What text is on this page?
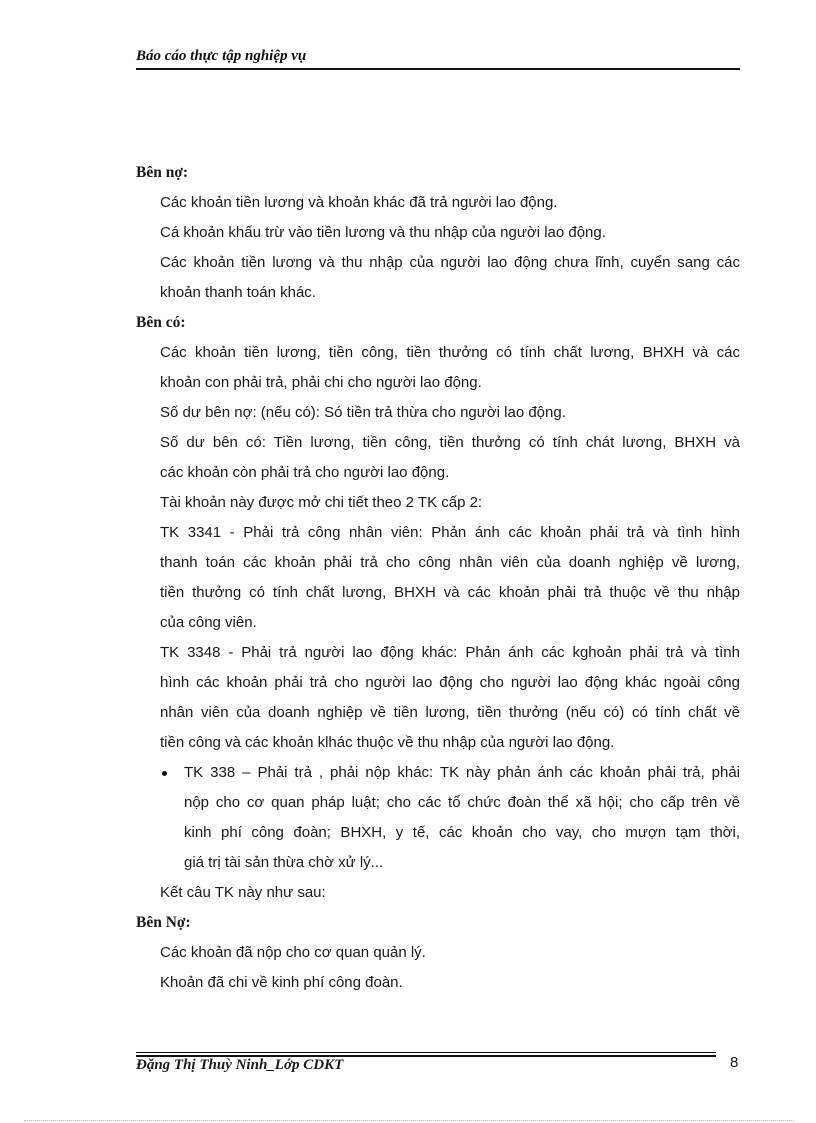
Báo cáo thực tập nghiệp vụ
Bên nợ:
Các khoản tiền lương và khoản khác đã trả người lao động.
Cá khoản khấu trừ vào tiền lương và thu nhập của người lao động.
Các khoản tiền lương và thu nhập của người lao động chưa lĩnh, cuyển sang các
khoản thanh toán khác.
Bên có:
Các khoản tiền lương, tiền công, tiền thưởng có tính chất lương, BHXH và các
khoản con phải trả, phải chi cho người lao động.
Số dư bên nợ: (nếu có): Só tiền trả thừa cho người lao động.
Số dư bên có: Tiền lương, tiền công, tiền thưởng có tính chát lương, BHXH và
các khoản còn phải trả cho người lao động.
Tài khoản này được mở chi tiết theo 2 TK cấp 2:
TK 3341 - Phải trả công nhân viên: Phản ánh các khoản phải trả và tình hình
thanh toán các khoản phải trả cho công nhân viên của doanh nghiệp về lương,
tiền thưởng có tính chất lương, BHXH và các khoản phải trả thuộc về thu nhập
của công viên.
TK 3348 - Phải trả người lao động khác: Phản ánh các kghoản phải trả và tình
hình các khoản phải trả cho người lao động cho người lao động khác ngoài công
nhân viên của doanh nghiệp về tiền lương, tiền thưởng (nếu có) có tính chất về
tiền công và các khoản klhác thuộc về thu nhập của người lao động.
TK 338 – Phải trả , phải nộp khác: TK này phản ánh các khoản phải trả, phải
nộp cho cơ quan pháp luật; cho các tổ chức đoàn thể xã hội; cho cấp trên về
kinh phí công đoàn; BHXH, y tế, các khoản cho vay, cho mượn tạm thời,
giá trị tài sản thừa chờ xử lý...
Kết câu TK này như sau:
Bên Nợ:
Các khoản đã nộp cho cơ quan quản lý.
Khoản đã chi về kinh phí công đoàn.
Đặng Thị Thuỳ Ninh_Lớp CDKT	8
